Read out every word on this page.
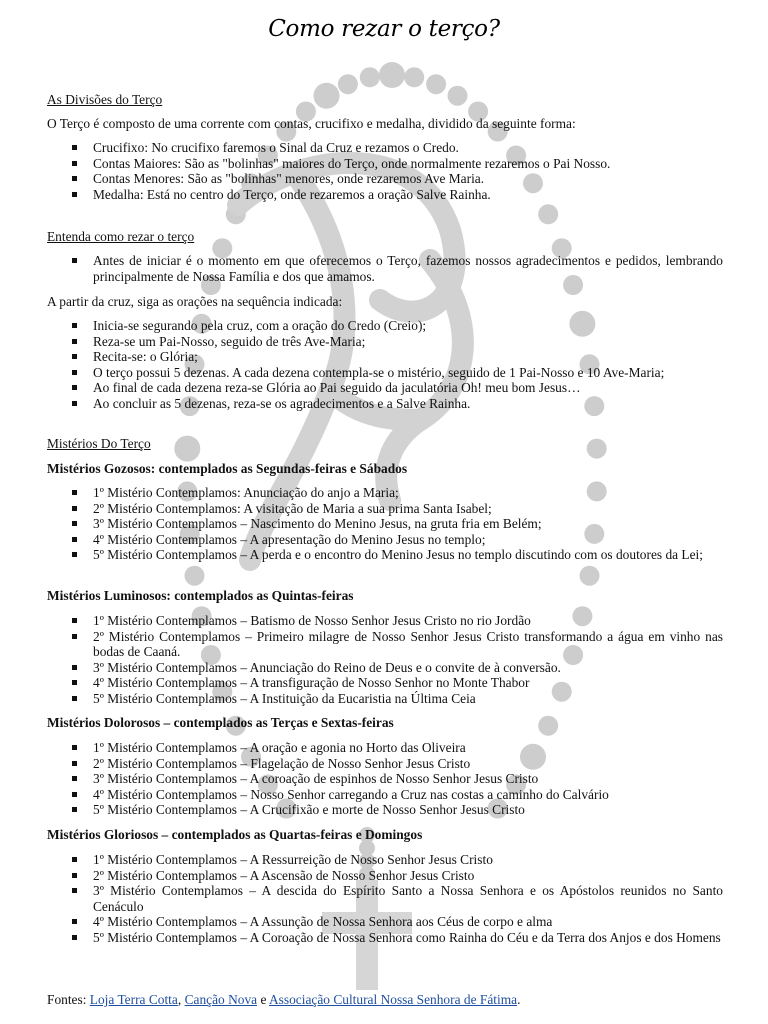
Como rezar o terço?

As Divisões do Terço

O Terço é composto de uma corrente com contas, crucifixo e medalha, dividido da seguinte forma:

Crucifixo: No crucifixo faremos o Sinal da Cruz e rezamos o Credo.
Contas Maiores: São as "bolinhas" maiores do Terço, onde normalmente rezaremos o Pai Nosso.
Contas Menores: São as "bolinhas" menores, onde rezaremos Ave Maria.
Medalha: Está no centro do Terço, onde rezaremos a oração Salve Rainha.

Entenda como rezar o terço

Antes de iniciar é o momento em que oferecemos o Terço, fazemos nossos agradecimentos e pedidos, lembrando principalmente de Nossa Família e dos que amamos.

A partir da cruz, siga as orações na sequência indicada:

Inicia-se segurando pela cruz, com a oração do Credo (Creio);
Reza-se um Pai-Nosso, seguido de três Ave-Maria;
Recita-se: o Glória;
O terço possui 5 dezenas. A cada dezena contempla-se o mistério, seguido de 1 Pai-Nosso e 10 Ave-Maria;
Ao final de cada dezena reza-se Glória ao Pai seguido da jaculatória Oh! meu bom Jesus…
Ao concluir as 5 dezenas, reza-se os agradecimentos e a Salve Rainha.

Mistérios Do Terço

Mistérios Gozosos: contemplados as Segundas-feiras e Sábados

1º Mistério Contemplamos: Anunciação do anjo a Maria;
2º Mistério Contemplamos: A visitação de Maria a sua prima Santa Isabel;
3º Mistério Contemplamos – Nascimento do Menino Jesus, na gruta fria em Belém;
4º Mistério Contemplamos – A apresentação do Menino Jesus no templo;
5º Mistério Contemplamos – A perda e o encontro do Menino Jesus no templo discutindo com os doutores da Lei;

Mistérios Luminosos: contemplados as Quintas-feiras

1º Mistério Contemplamos – Batismo de Nosso Senhor Jesus Cristo no rio Jordão
2º Mistério Contemplamos – Primeiro milagre de Nosso Senhor Jesus Cristo transformando a água em vinho nas bodas de Caaná.
3º Mistério Contemplamos – Anunciação do Reino de Deus e o convite de à conversão.
4º Mistério Contemplamos – A transfiguração de Nosso Senhor no Monte Thabor
5º Mistério Contemplamos – A Instituição da Eucaristia na Última Ceia

Mistérios Dolorosos – contemplados as Terças e Sextas-feiras

1º Mistério Contemplamos – A oração e agonia no Horto das Oliveira
2º Mistério Contemplamos – Flagelação de Nosso Senhor Jesus Cristo
3º Mistério Contemplamos – A coroação de espinhos de Nosso Senhor Jesus Cristo
4º Mistério Contemplamos – Nosso Senhor carregando a Cruz nas costas a caminho do Calvário
5º Mistério Contemplamos – A Crucifixão e morte de Nosso Senhor Jesus Cristo

Mistérios Gloriosos – contemplados as Quartas-feiras e Domingos

1º Mistério Contemplamos – A Ressurreição de Nosso Senhor Jesus Cristo
2º Mistério Contemplamos – A Ascensão de Nosso Senhor Jesus Cristo
3º Mistério Contemplamos – A descida do Espírito Santo a Nossa Senhora e os Apóstolos reunidos no Santo Cenáculo
4º Mistério Contemplamos – A Assunção de Nossa Senhora aos Céus de corpo e alma
5º Mistério Contemplamos – A Coroação de Nossa Senhora como Rainha do Céu e da Terra dos Anjos e dos Homens

Fontes: Loja Terra Cotta, Canção Nova e Associação Cultural Nossa Senhora de Fátima.
